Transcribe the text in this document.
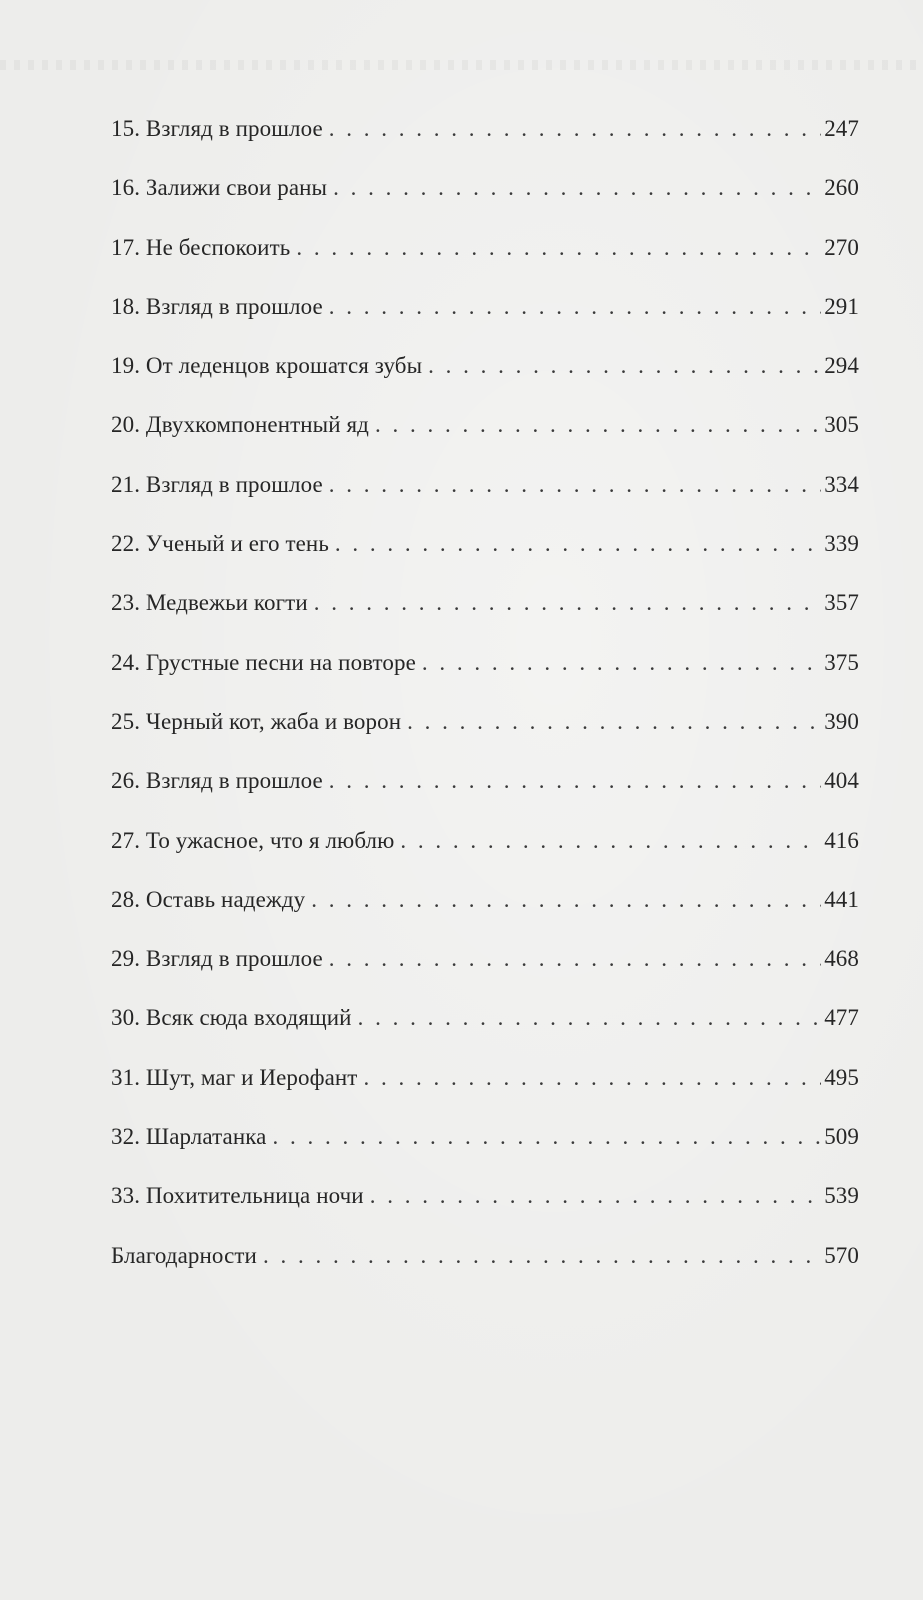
15. Взгляд в прошлое . . .	247
16. Залижи свои раны . . .	260
17. Не беспокоить . . .	270
18. Взгляд в прошлое . . .	291
19. От леденцов крошатся зубы . . .	294
20. Двухкомпонентный яд . . .	305
21. Взгляд в прошлое . . .	334
22. Ученый и его тень . . .	339
23. Медвежьи когти . . .	357
24. Грустные песни на повторе . . .	375
25. Черный кот, жаба и ворон . . .	390
26. Взгляд в прошлое . . .	404
27. То ужасное, что я люблю . . .	416
28. Оставь надежду . . .	441
29. Взгляд в прошлое . . .	468
30. Всяк сюда входящий . . .	477
31. Шут, маг и Иерофант . . .	495
32. Шарлатанка . . .	509
33. Похитительница ночи . . .	539
Благодарности . . .	570
